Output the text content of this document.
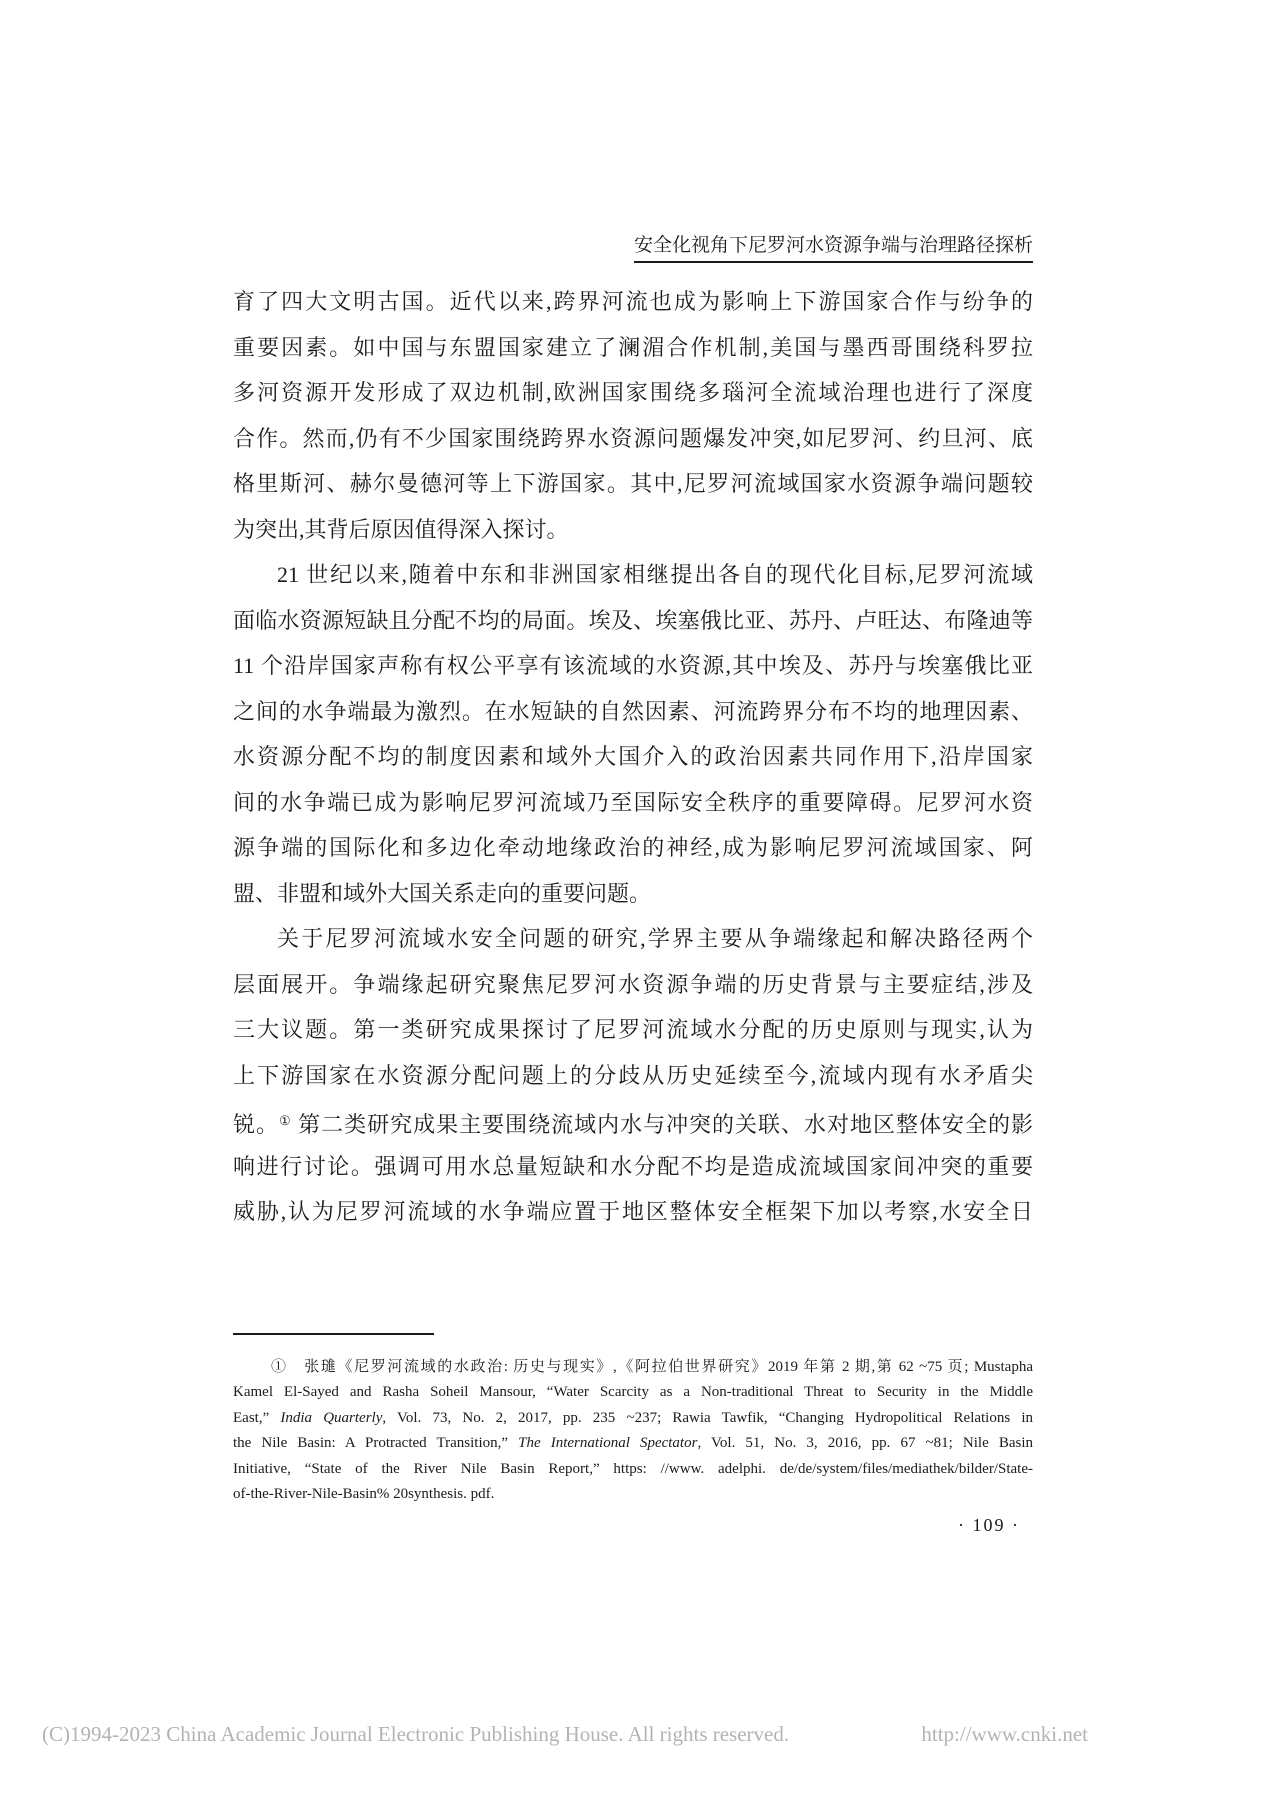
安全化视角下尼罗河水资源争端与治理路径探析
育了四大文明古国。近代以来,跨界河流也成为影响上下游国家合作与纷争的
重要因素。如中国与东盟国家建立了澜湄合作机制,美国与墨西哥围绕科罗拉
多河资源开发形成了双边机制,欧洲国家围绕多瑙河全流域治理也进行了深度
合作。然而,仍有不少国家围绕跨界水资源问题爆发冲突,如尼罗河、约旦河、底
格里斯河、赫尔曼德河等上下游国家。其中,尼罗河流域国家水资源争端问题较
为突出,其背后原因值得深入探讨。
21 世纪以来,随着中东和非洲国家相继提出各自的现代化目标,尼罗河流域
面临水资源短缺且分配不均的局面。埃及、埃塞俄比亚、苏丹、卢旺达、布隆迪等
11 个沿岸国家声称有权公平享有该流域的水资源,其中埃及、苏丹与埃塞俄比亚
之间的水争端最为激烈。在水短缺的自然因素、河流跨界分布不均的地理因素、
水资源分配不均的制度因素和域外大国介入的政治因素共同作用下,沿岸国家
间的水争端已成为影响尼罗河流域乃至国际安全秩序的重要障碍。尼罗河水资
源争端的国际化和多边化牵动地缘政治的神经,成为影响尼罗河流域国家、阿
盟、非盟和域外大国关系走向的重要问题。
关于尼罗河流域水安全问题的研究,学界主要从争端缘起和解决路径两个
层面展开。争端缘起研究聚焦尼罗河水资源争端的历史背景与主要症结,涉及
三大议题。第一类研究成果探讨了尼罗河流域水分配的历史原则与现实,认为
上下游国家在水资源分配问题上的分歧从历史延续至今,流域内现有水矛盾尖
锐。① 第二类研究成果主要围绕流域内水与冲突的关联、水对地区整体安全的影
响进行讨论。强调可用水总量短缺和水分配不均是造成流域国家间冲突的重要
威胁,认为尼罗河流域的水争端应置于地区整体安全框架下加以考察,水安全日
①　张璡《尼罗河流域的水政治: 历史与现实》,《阿拉伯世界研究》2019 年第 2 期,第 62 ~75 页; Mustapha
Kamel El-Sayed and Rasha Soheil Mansour, “Water Scarcity as a Non-traditional Threat to Security in the Middle
East,” India Quarterly, Vol. 73, No. 2, 2017, pp. 235 ~237; Rawia Tawfik, “Changing Hydropolitical Relations in
the Nile Basin: A Protracted Transition,” The International Spectator, Vol. 51, No. 3, 2016, pp. 67 ~81; Nile Basin
Initiative, “State of the River Nile Basin Report,” https: //www. adelphi. de/de/system/files/mediathek/bilder/State-
of-the-River-Nile-Basin% 20synthesis. pdf.
· 109 ·
(C)1994-2023 China Academic Journal Electronic Publishing House. All rights reserved.	http://www.cnki.net
